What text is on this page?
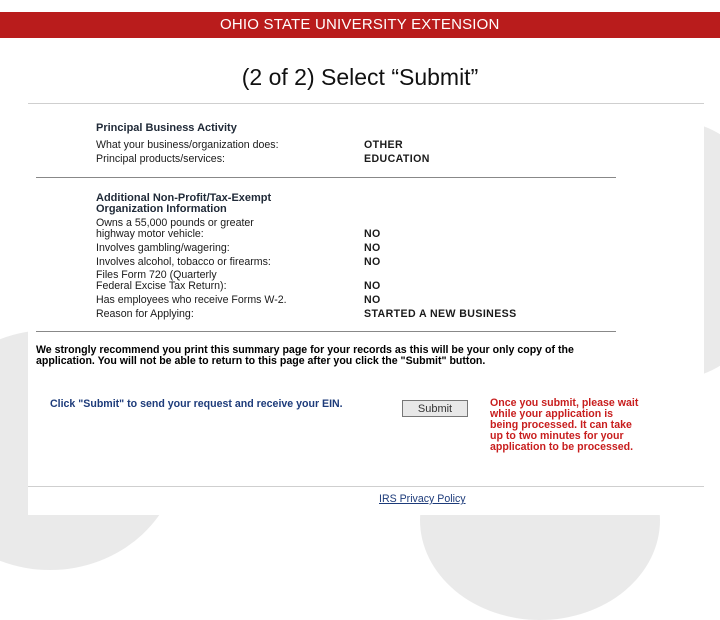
OHIO STATE UNIVERSITY EXTENSION
(2 of 2) Select “Submit”
Principal Business Activity
What your business/organization does:	OTHER
Principal products/services:	EDUCATION
Additional Non-Profit/Tax-Exempt
Organization Information
Owns a 55,000 pounds or greater
highway motor vehicle:	NO
Involves gambling/wagering:	NO
Involves alcohol, tobacco or firearms:	NO
Files Form 720 (Quarterly
Federal Excise Tax Return):	NO
Has employees who receive Forms W-2.	NO
Reason for Applying:	STARTED A NEW BUSINESS
We strongly recommend you print this summary page for your records as this will be your only copy of the application. You will not be able to return to this page after you click the "Submit" button.
Click "Submit" to send your request and receive your EIN.	Submit	Once you submit, please wait while your application is being processed. It can take up to two minutes for your application to be processed.
IRS Privacy Policy
